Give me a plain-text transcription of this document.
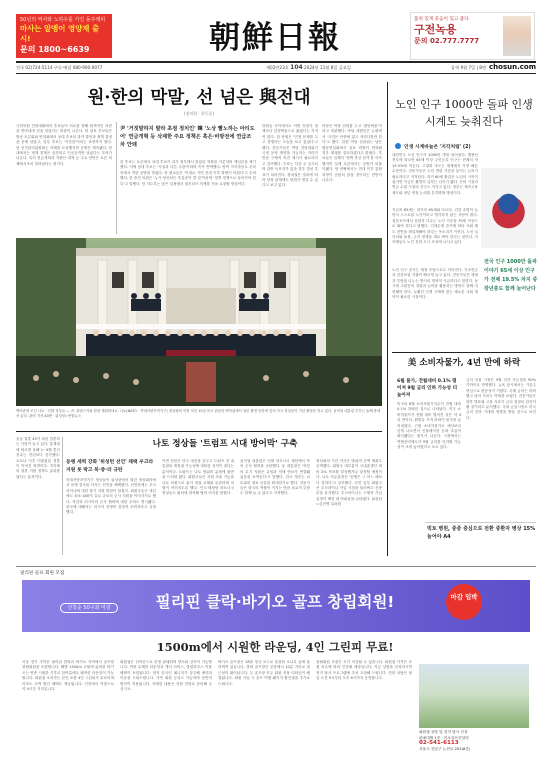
50년의 역사와 노하우를 가진 동주캐피
마사는 알맹이 영양제 출시!
문의 1800~6639	朝鮮日報
품위 있게 웃음이 있고 좋다
구전녹용
문의 02.777.7777
전국 02)724-5114 구독·배달 080-900-0077	제02만23호 104 2024년 11월 8일 금요일	음력 9월 7일 | 8면 chosun.com
원·한의 막말, 선 넘은 與전대
(정치원 · 한동훈)

국민의힘 전당대회에서 후보들이 서로를 향해 원색적인 표현을 쏟아내며 선을 넘었다는 비판이 나온다. 당 대표 후보들은 방송 토론회와 연설회에서 상대 후보의 과거 발언과 정책 결정을 문제 삼았고, 일부 후보는 '거짓말'이라는 표현까지 썼다. 당 선거관리위원회는 자제를 요청했지만 공방은 계속됐다. 당내에서는 정책 경쟁은 실종되고 인신공격만 남았다는 우려가 나온다. 특히 연금개혁과 저출산 대책 등 주요 현안은 토론 의제에서조차 밀려났다는 평가다.

尹 '거짓말하지 말라 초점 정치인' 韓 '노상 빨노하는 아티도어' 연금개혁 등 삭제한 주요 정책은 혹은·비방전에 연급조차 안돼

한 후보는 토론에서 상대 후보가 과거 정부에서 맡았던 역할을 거론하며 책임론을 제기했다. 이에 상대 후보는 '사실과 다른 주장'이라며 즉각 반박했다. 양측 지지자들도 온라인에서 격한 공방을 벌였다. 당 원로들은 '이대로 가면 전대 이후 화합이 어렵다'고 우려했다. 한 중진 의원은 '누가 당선되든 후유증이 클 것'이라며 '정책 경쟁으로 돌아가야 한다'고 말했다. 당 지도부는 남은 일정에서 네거티브 자제를 거듭 요청할 방침이다.

당원들 사이에서도 이번 전대가 정책보다 감정싸움으로 흘렀다는 지적이 많다. 한 당원은 '민생 문제를 두고 경쟁하는 모습을 보고 싶었다'고 했다. 전문가들은 여당 전당대회가 국정 운영 방향을 가늠하는 자리인 만큼 구체적 비전 제시가 필요하다고 강조했다. 투표는 다음 주 실시되며 과반 득표자가 없을 경우 결선 투표가 치러진다. 정치권은 결과에 따라 당정 관계에도 변화가 생길 수 있다고 보고 있다.

야당은 여당 전대를 두고 '집안싸움'이라고 비판했다. 야당 대변인은 논평에서 '국민은 안중에 없고 자리다툼만 한다'고 했다. 한편 여당 선관위는 남은 합동연설회에서 상호 비방이 반복될 경우 제재를 검토하겠다고 밝혔다. 후보들은 일제히 '정책 중심 선거'를 약속했지만 실제 토론에서는 공방이 되풀이됐다. 당 안팎에서는 전대 이후 통합 과정이 순탄치 않을 것이라는 전망이 나온다.

백악관에 모인 나토 · 인태 정상들 ― 尹, 열렌스키와 합창 재회하네요. 나토(NATO · 북대서양조약기구) 정상회의 이틀 차인 10일 미국 워싱턴 백악관에서 열린 환영 만찬에 앞서 각국 정상들이 기념 촬영을 하고 있다. 윤석열 대통령 부부는 둘째 줄에 서 있다. 관련 기사 A3면 · 워싱턴=연합뉴스
노인 인구 1000만 돌파 인생 시계도 늦춰진다
인생 시계바늘은 '지각처럼' (2)

대한민국 노인 인구가 1000만 명을 넘어섰다. 행정안전부에 따르면 65세 이상 주민등록 인구는 전체의 약 19.5%에 이른다. 고령화 속도는 세계에서 가장 빠른 수준이다. 전문가들은 노인 연령 기준을 높이는 논의가 필요하다고 지적한다. 과거 60세 환갑은 노년의 시작이었지만 지금은 활발히 일하는 나이가 됐다. 은퇴 시점과 연금 수령 시점의 간극도 커지고 있다. 정부는 계속고용 제도와 정년 연장 논의를 본격화할 방침이다.

지금의 65세는 과거의 65세와 다르다. 건강 수명이 늘면서 스스로를 노인이라고 생각하지 않는 사람이 많다. 설문조사에서 응답자 다수는 노인 기준을 70세 이상으로 봐야 한다고 답했다. 기대수명 증가에 따라 사회 제도 전반을 재설계해야 한다는 목소리가 커진다. 노인 일자리와 돌봄, 주거 정책을 새로 짜야 한다는 것이다. 지자체들도 노인 친화 도시 조성에 나서고 있다.

노인 인구 증가는 재정 부담으로도 이어진다. 기초연금과 건강보험 지출이 빠르게 늘고 있다. 전문가들은 세대 간 부담을 나누는 방식의 개혁이 시급하다고 말한다. 동시에 고령층의 경험과 능력을 활용하는 방안도 함께 마련해야 한다. 늦춰진 인생 시계에 맞는 새로운 사회 계약이 필요한 시점이다.

전국 인구 1000만 돌파 이야기 65세 이상 인구가 전체 19.5% 차지 중장년층도 함께 늘어난다
美 소비자물가, 4년 만에 하락
6월 물가, 전월대비 0.1% 떨어져 9월 금리 인하 가능성 더 높아져

미국의 6월 소비자물가지수가 전월 대비 0.1% 하락한 것으로 나타났다. 미국 소비자물가가 전월 대비 떨어진 것은 약 4년 만이다. 휘발유 가격 하락이 물가를 끌어내렸다. 근원 소비자물가도 예상보다 낮게 나오면서 인플레이션 둔화 흐름이 확인됐다는 평가가 나온다. 시장에서는 연방준비제도가 9월 금리를 인하할 가능성이 크게 높아졌다고 보고 있다.

금리 선물 시장은 9월 인하 가능성을 90% 가까이로 반영했다. 뉴욕 증시에서는 기술주 중심으로 변동성이 커졌다. 국채 금리는 하락했고 달러 가치도 약세를 보였다. 전문가들은 향후 발표될 고용 지표가 금리 결정의 관건이 될 것이라고 분석했다. 국내 금융시장도 미국 금리 인하 기대에 영향을 받을 것으로 보인다.

빅토 병원, 중증 중심으로 전환 중환자 병상 15% 늘어야 A4

올들 결혼 45가 폭한 결혼하는 사람이 늘고 있다. 통계청에 따르면 올해 1~4월 혼인 건수는 전년보다 증가했다. 코로나 이후 미뤄졌던 결혼이 이어진 영향이다. 지자체의 결혼 지원 정책도 효과를 냈다는 분석이다.

나토 정상들 '트럼프 시대 방어막' 구축
동맹 세력 강화 '위성턴 선언' 채택 우크라 지원 못 박고 북·중·러 규탄

북대서양조약기구 정상들이 워싱턴에서 열린 정상회의에서 동맹 결속을 다지는 선언을 채택했다. 선언문에는 우크라이나에 대한 장기 지원 방침이 담겼다. 회원국들은 내년에도 최소 400억 유로 규모의 군사 지원을 이어가기로 했다. 북한과 러시아의 군사 협력에 대한 우려도 명시됐다. 중국에 대해서는 러시아 전쟁의 결정적 조력자라고 규정했다.

이번 선언은 미국 대선을 앞두고 트럼프 전 대통령의 재집권 가능성에 대비한 성격이 짙다는 분석이다. 트럼프는 나토 방위비 분담에 불만을 드러내 왔다. 회원국들은 지원 조율 기능을 나토 차원으로 옮겨 정권 교체와 무관하게 지원이 이어지도록 했다. 인도·태평양 파트너국 정상들도 회의에 참석해 협력 의지를 밝혔다.

윤석열 대통령은 인태 파트너국 세션에서 북러 군사 협력을 규탄했다. 윤 대통령은 '북한의 무기 지원은 유럽과 인태 안보가 연결돼 있음을 보여준다'고 말했다. 한국 정부는 나토와의 정보 공유를 확대하기로 했다. 전문가들은 한국의 역할이 커지는 만큼 외교적 부담도 함께 늘 수 있다고 지적했다.

정상회의 기간 각국은 방위비 증액 계획도 공개했다. 회원국 대부분이 국내총생산 대비 2% 목표를 달성했거나 달성할 예정이다. 나토 사무총장은 '동맹은 그 어느 때보다 강하다'고 강조했다. 다만 일부 회원국은 우크라이나 가입 시점을 둘러싸고 신중론을 유지했다. 우크라이나는 구체적 가입 일정이 빠진 데 아쉬움을 나타냈다. 워싱턴=김진명 특파원

필리핀 골프 회원 모집
선착순 50구좌 마감	필리핀 클락·바기오 골프 창립회원!	마감 임박
1500m에서 시원한 라운딩, 4인 그린피 무료!

서울 경기 가까운 필리핀 클락과 바기오 지역에서 골프장 창립회원을 모집합니다. 해발 1500m 고원에 위치한 바기오는 연중 시원한 기후로 한여름에도 쾌적한 라운딩이 가능합니다. 회원권 소지자는 본인 포함 4인 그린피가 무료이며 리조트 숙박 할인 혜택도 제공됩니다. 인천에서 직항으로 약 4시간 거리입니다.

회원권은 선착순으로 한정 판매되며 양도와 상속이 가능합니다. 연중 무제한 라운딩과 캐디 서비스, 클럽하우스 이용 혜택이 포함됩니다. 현지 한국인 매니저가 상주해 예약과 이동을 도와드립니다. 가족 회원 등록도 가능하며 동반자 할인이 적용됩니다. 자세한 내용은 상담 전화로 문의해 주십시오.

바기오 골프장은 18홀 정규 코스로 울창한 소나무 숲에 둘러싸여 있습니다. 클락 골프장은 공항에서 10분 거리로 접근성이 뛰어납니다. 두 골프장 모두 회원 전용 티타임이 배정됩니다. 회원 가입 시 골프 여행 패키지 할인권을 추가로 드립니다.

창립회원 모집은 조기 마감될 수 있습니다. 회원권 가격은 모집 차수에 따라 인상될 예정입니다. 지금 상담을 신청하시면 현지 답사 프로그램에 우선 초청해 드립니다. 전화 상담은 평일 오전 9시부터 오후 6시까지 운영합니다.

회원권 상담 및 현지 답사 신청
판매대행 1층 · 미소골프컨설팅
02-541-6113
서울시 강남구 논현로 202(8층)
